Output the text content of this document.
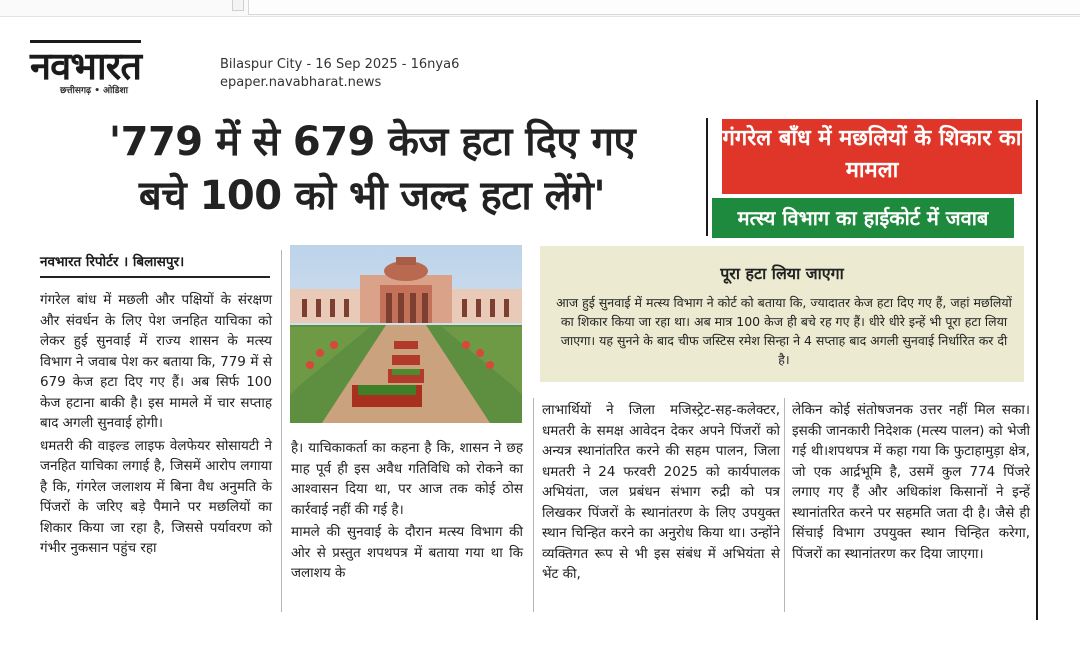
नवभारत
छत्तीसगढ़ • ओडिशा
Bilaspur City - 16 Sep 2025 - 16nya6
epaper.navabharat.news
'779 में से 679 केज हटा दिए गए
बचे 100 को भी जल्द हटा लेंगे'
गंगरेल बाँध में मछलियों के शिकार का मामला
मत्स्य विभाग का हाईकोर्ट में जवाब
नवभारत रिपोर्टर । बिलासपुर।

गंगरेल बांध में मछली और पक्षियों के संरक्षण और संवर्धन के लिए पेश जनहित याचिका को लेकर हुई सुनवाई में राज्य शासन के मत्स्य विभाग ने जवाब पेश कर बताया कि, 779 में से 679 केज हटा दिए गए हैं। अब सिर्फ 100 केज हटाना बाकी है। इस मामले में चार सप्ताह बाद अगली सुनवाई होगी।

धमतरी की वाइल्ड लाइफ वेलफेयर सोसायटी ने जनहित याचिका लगाई है, जिसमें आरोप लगाया है कि, गंगरेल जलाशय में बिना वैध अनुमति के पिंजरों के जरिए बड़े पैमाने पर मछलियों का शिकार किया जा रहा है, जिससे पर्यावरण को गंभीर नुकसान पहुंच रहा

है। याचिकाकर्ता का कहना है कि, शासन ने छह माह पूर्व ही इस अवैध गतिविधि को रोकने का आश्वासन दिया था, पर आज तक कोई ठोस कार्रवाई नहीं की गई है।

मामले की सुनवाई के दौरान मत्स्य विभाग की ओर से प्रस्तुत शपथपत्र में बताया गया था कि जलाशय के

पूरा हटा लिया जाएगा
आज हुई सुनवाई में मत्स्य विभाग ने कोर्ट को बताया कि, ज्यादातर केज हटा दिए गए हैं, जहां मछलियों का शिकार किया जा रहा था। अब मात्र 100 केज ही बचे रह गए हैं। धीरे धीरे इन्हें भी पूरा हटा लिया जाएगा। यह सुनने के बाद चीफ जस्टिस रमेश सिन्हा ने 4 सप्ताह बाद अगली सुनवाई निर्धारित कर दी है।

लाभार्थियों ने जिला मजिस्ट्रेट-सह-कलेक्टर, धमतरी के समक्ष आवेदन देकर अपने पिंजरों को अन्यत्र स्थानांतरित करने की सहम पालन, जिला धमतरी ने 24 फरवरी 2025 को कार्यपालक अभियंता, जल प्रबंधन संभाग रुद्री को पत्र लिखकर पिंजरों के स्थानांतरण के लिए उपयुक्त स्थान चिन्हित करने का अनुरोध किया था। उन्होंने व्यक्तिगत रूप से भी इस संबंध में अभियंता से भेंट की,

लेकिन कोई संतोषजनक उत्तर नहीं मिल सका। इसकी जानकारी निदेशक (मत्स्य पालन) को भेजी गई थी।शपथपत्र में कहा गया कि फुटाहामुड़ा क्षेत्र, जो एक आर्द्रभूमि है, उसमें कुल 774 पिंजरे लगाए गए हैं और अधिकांश किसानों ने इन्हें स्थानांतरित करने पर सहमति जता दी है। जैसे ही सिंचाई विभाग उपयुक्त स्थान चिन्हित करेगा, पिंजरों का स्थानांतरण कर दिया जाएगा।
